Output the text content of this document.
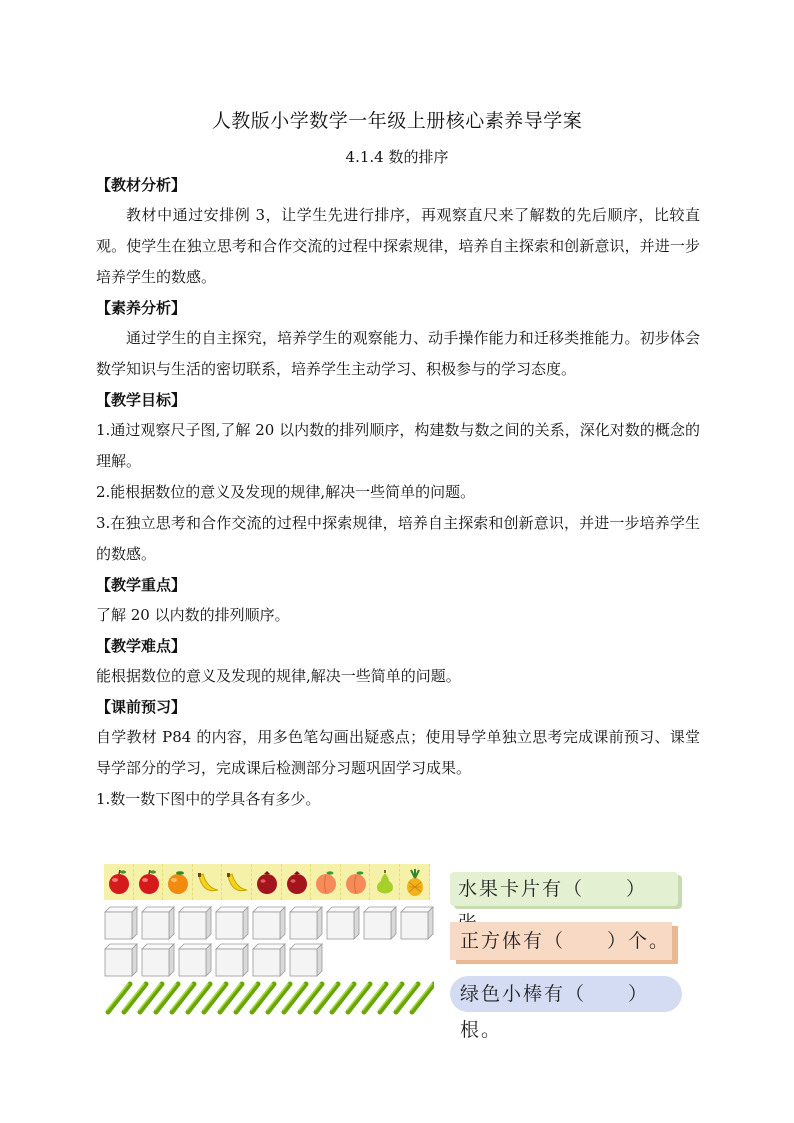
人教版小学数学一年级上册核心素养导学案
4.1.4 数的排序
【教材分析】

教材中通过安排例 3，让学生先进行排序，再观察直尺来了解数的先后顺序，比较直观。使学生在独立思考和合作交流的过程中探索规律，培养自主探索和创新意识，并进一步培养学生的数感。

【素养分析】

通过学生的自主探究，培养学生的观察能力、动手操作能力和迁移类推能力。初步体会数学知识与生活的密切联系，培养学生主动学习、积极参与的学习态度。

【教学目标】

1.通过观察尺子图,了解 20 以内数的排列顺序，构建数与数之间的关系，深化对数的概念的理解。

2.能根据数位的意义及发现的规律,解决一些简单的问题。

3.在独立思考和合作交流的过程中探索规律，培养自主探索和创新意识，并进一步培养学生的数感。

【教学重点】

了解 20 以内数的排列顺序。

【教学难点】

能根据数位的意义及发现的规律,解决一些简单的问题。

【课前预习】

自学教材 P84 的内容，用多色笔勾画出疑惑点；使用导学单独立思考完成课前预习、课堂导学部分的学习，完成课后检测部分习题巩固学习成果。

1.数一数下图中的学具各有多少。

水果卡片有（　　）
正方体有（　　）个。
绿色小棒有（　　）根。
